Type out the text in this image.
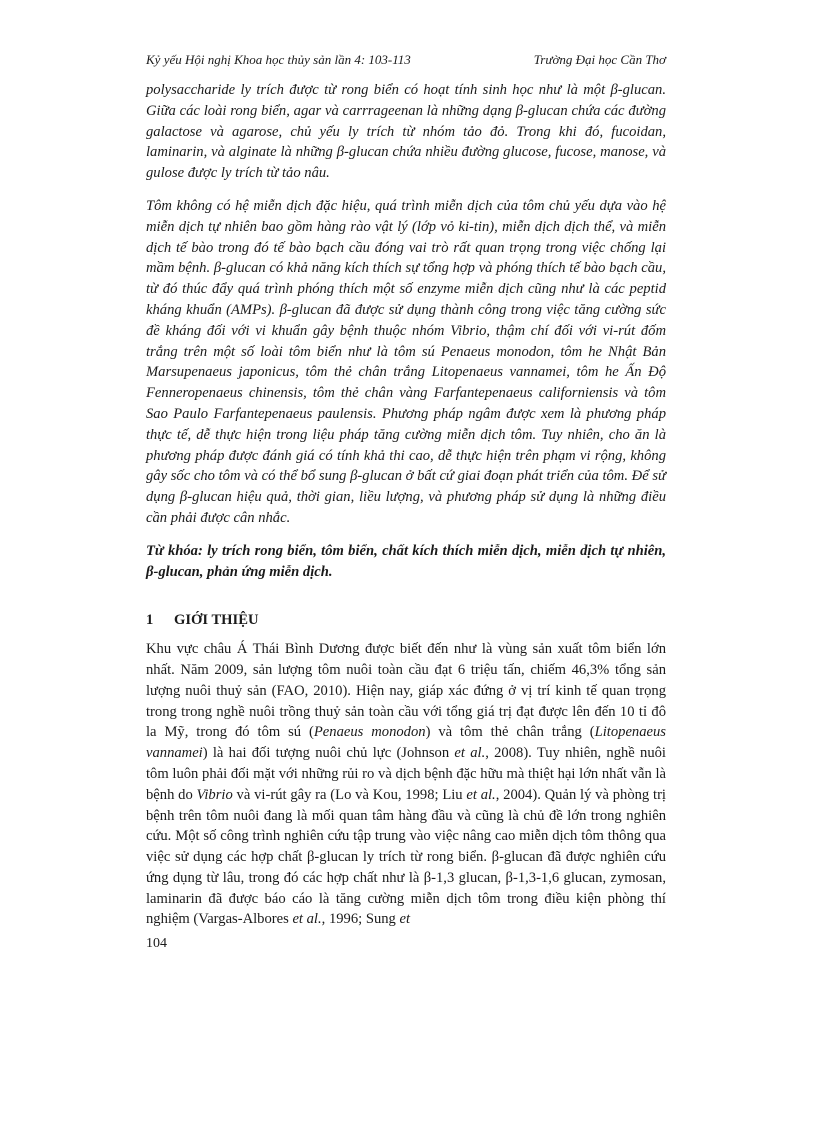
Kỷ yếu Hội nghị Khoa học thủy sản lần 4: 103-113	Trường Đại học Cần Thơ

polysaccharide ly trích được từ rong biển có hoạt tính sinh học như là một β-glucan. Giữa các loài rong biển, agar và carrrageenan là những dạng β-glucan chứa các đường galactose và agarose, chủ yếu ly trích từ nhóm tảo đỏ. Trong khi đó, fucoidan, laminarin, và alginate là những β-glucan chứa nhiều đường glucose, fucose, manose, và gulose được ly trích từ tảo nâu.

Tôm không có hệ miễn dịch đặc hiệu, quá trình miễn dịch của tôm chủ yếu dựa vào hệ miễn dịch tự nhiên bao gồm hàng rào vật lý (lớp vỏ ki-tin), miễn dịch dịch thể, và miễn dịch tế bào trong đó tế bào bạch cầu đóng vai trò rất quan trọng trong việc chống lại mầm bệnh. β-glucan có khả năng kích thích sự tổng hợp và phóng thích tế bào bạch cầu, từ đó thúc đẩy quá trình phóng thích một số enzyme miễn dịch cũng như là các peptid kháng khuẩn (AMPs). β-glucan đã được sử dụng thành công trong việc tăng cường sức đề kháng đối với vi khuẩn gây bệnh thuộc nhóm Vibrio, thậm chí đối với vi-rút đốm trắng trên một số loài tôm biển như là tôm sú Penaeus monodon, tôm he Nhật Bản Marsupenaeus japonicus, tôm thẻ chân trắng Litopenaeus vannamei, tôm he Ấn Độ Fenneropenaeus chinensis, tôm thẻ chân vàng Farfantepenaeus californiensis và tôm Sao Paulo Farfantepenaeus paulensis. Phương pháp ngâm được xem là phương pháp thực tế, dễ thực hiện trong liệu pháp tăng cường miễn dịch tôm. Tuy nhiên, cho ăn là phương pháp được đánh giá có tính khả thi cao, dễ thực hiện trên phạm vi rộng, không gây sốc cho tôm và có thể bổ sung β-glucan ở bất cứ giai đoạn phát triển của tôm. Để sử dụng β-glucan hiệu quả, thời gian, liều lượng, và phương pháp sử dụng là những điều cần phải được cân nhắc.

Từ khóa: ly trích rong biển, tôm biển, chất kích thích miễn dịch, miễn dịch tự nhiên, β-glucan, phản ứng miễn dịch.

1 GIỚI THIỆU

Khu vực châu Á Thái Bình Dương được biết đến như là vùng sản xuất tôm biển lớn nhất. Năm 2009, sản lượng tôm nuôi toàn cầu đạt 6 triệu tấn, chiếm 46,3% tổng sản lượng nuôi thuỷ sản (FAO, 2010). Hiện nay, giáp xác đứng ở vị trí kinh tế quan trọng trong trong nghề nuôi trồng thuỷ sản toàn cầu với tổng giá trị đạt được lên đến 10 tỉ đô la Mỹ, trong đó tôm sú (Penaeus monodon) và tôm thẻ chân trắng (Litopenaeus vannamei) là hai đối tượng nuôi chủ lực (Johnson et al., 2008). Tuy nhiên, nghề nuôi tôm luôn phải đối mặt với những rủi ro và dịch bệnh đặc hữu mà thiệt hại lớn nhất vẫn là bệnh do Vibrio và vi-rút gây ra (Lo và Kou, 1998; Liu et al., 2004). Quản lý và phòng trị bệnh trên tôm nuôi đang là mối quan tâm hàng đầu và cũng là chủ đề lớn trong nghiên cứu. Một số công trình nghiên cứu tập trung vào việc nâng cao miễn dịch tôm thông qua việc sử dụng các hợp chất β-glucan ly trích từ rong biển. β-glucan đã được nghiên cứu ứng dụng từ lâu, trong đó các hợp chất như là β-1,3 glucan, β-1,3-1,6 glucan, zymosan, laminarin đã được báo cáo là tăng cường miễn dịch tôm trong điều kiện phòng thí nghiệm (Vargas-Albores et al., 1996; Sung et

104
